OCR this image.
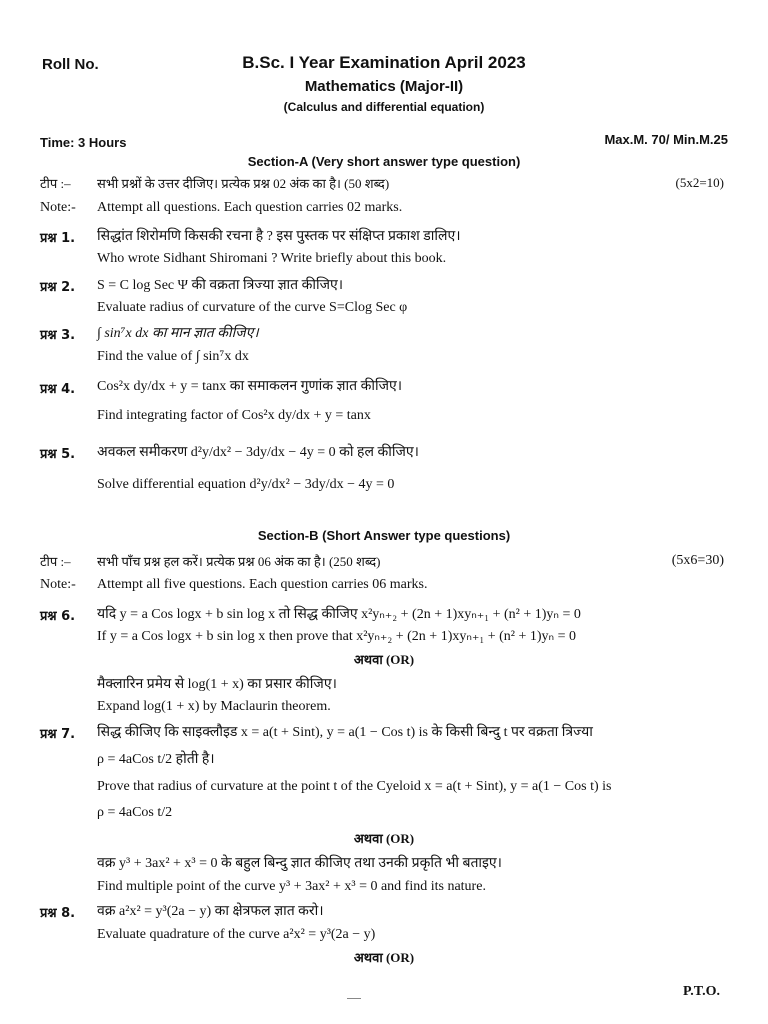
Roll No.	B.Sc. I Year Examination April 2023
Mathematics (Major-II)
(Calculus and differential equation)
Time: 3 Hours	Max.M. 70/ Min.M.25
Section-A (Very short answer type question)
टीप :– सभी प्रश्नों के उत्तर दीजिए। प्रत्येक प्रश्न 02 अंक का है। (50 शब्द)	(5x2=10)
Note:- Attempt all questions. Each question carries 02 marks.
प्रश्न 1. सिद्धांत शिरोमणि किसकी रचना है ? इस पुस्तक पर संक्षिप्त प्रकाश डालिए।
Who wrote Sidhant Shiromani ? Write briefly about this book.
प्रश्न 2. S = C log Sec Ψ की वक्रता त्रिज्या ज्ञात कीजिए।
Evaluate radius of curvature of the curve S=Clog Sec φ
प्रश्न 3. ∫ sin⁷x dx का मान ज्ञात कीजिए।
Find the value of ∫ sin⁷x dx
प्रश्न 4. Cos²x dy/dx + y = tanx का समाकलन गुणांक ज्ञात कीजिए।
Find integrating factor of Cos²x dy/dx + y = tanx
प्रश्न 5. अवकल समीकरण d²y/dx² − 3dy/dx − 4y = 0 को हल कीजिए।
Solve differential equation d²y/dx² − 3dy/dx − 4y = 0
Section-B (Short Answer type questions)
टीप :– सभी पाँच प्रश्न हल करें। प्रत्येक प्रश्न 06 अंक का है। (250 शब्द)	(5x6=30)
Note:- Attempt all five questions. Each question carries 06 marks.
प्रश्न 6. यदि y = a Cos logx + b sin log x तो सिद्ध कीजिए x²yₙ₊₂ + (2n + 1)xyₙ₊₁ + (n² + 1)yₙ = 0
If y = a Cos logx + b sin log x then prove that x²yₙ₊₂ + (2n + 1)xyₙ₊₁ + (n² + 1)yₙ = 0
अथवा (OR)
मैक्लारिन प्रमेय से log(1 + x) का प्रसार कीजिए।
Expand log(1 + x) by Maclaurin theorem.
प्रश्न 7. सिद्ध कीजिए कि साइक्लौइड x = a(t + Sint), y = a(1 − Cos t) is के किसी बिन्दु t पर वक्रता त्रिज्या
ρ = 4aCos t/2 होती है।
Prove that radius of curvature at the point t of the Cyeloid x = a(t + Sint), y = a(1 − Cos t) is
ρ = 4aCos t/2
अथवा (OR)
वक्र y³ + 3ax² + x³ = 0 के बहुल बिन्दु ज्ञात कीजिए तथा उनकी प्रकृति भी बताइए।
Find multiple point of the curve y³ + 3ax² + x³ = 0 and find its nature.
प्रश्न 8. वक्र a²x² = y³(2a − y) का क्षेत्रफल ज्ञात करो।
Evaluate quadrature of the curve a²x² = y³(2a − y)
अथवा (OR)
P.T.O.
